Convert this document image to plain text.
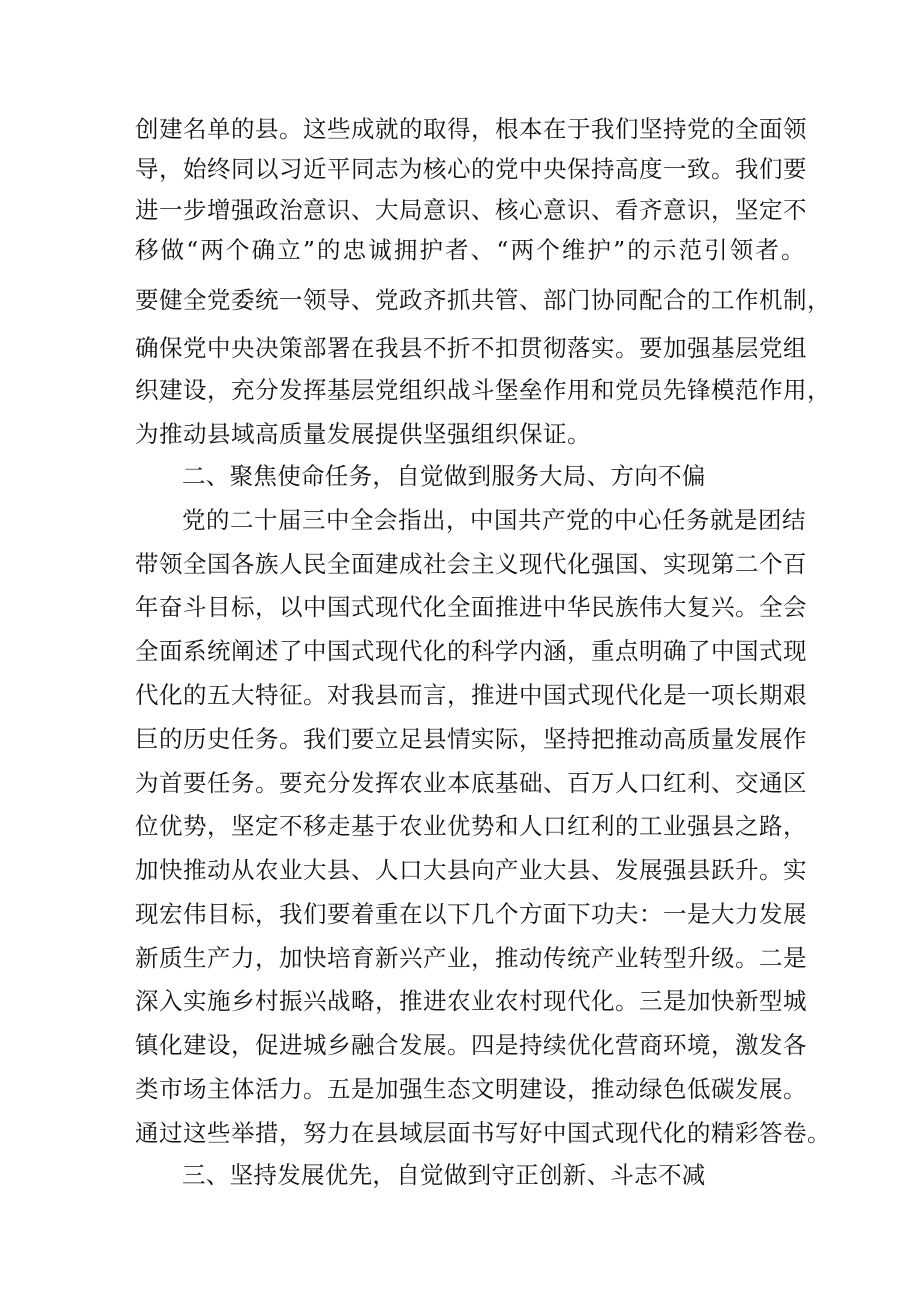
创建名单的县。这些成就的取得，根本在于我们坚持党的全面领
导，始终同以习近平同志为核心的党中央保持高度一致。我们要
进一步增强政治意识、大局意识、核心意识、看齐意识，坚定不
移做“两个确立”的忠诚拥护者、“两个维护”的示范引领者。
要健全党委统一领导、党政齐抓共管、部门协同配合的工作机制，
确保党中央决策部署在我县不折不扣贯彻落实。要加强基层党组
织建设，充分发挥基层党组织战斗堡垒作用和党员先锋模范作用，
为推动县域高质量发展提供坚强组织保证。
二、聚焦使命任务，自觉做到服务大局、方向不偏
党的二十届三中全会指出，中国共产党的中心任务就是团结
带领全国各族人民全面建成社会主义现代化强国、实现第二个百
年奋斗目标，以中国式现代化全面推进中华民族伟大复兴。全会
全面系统阐述了中国式现代化的科学内涵，重点明确了中国式现
代化的五大特征。对我县而言，推进中国式现代化是一项长期艰
巨的历史任务。我们要立足县情实际，坚持把推动高质量发展作
为首要任务。要充分发挥农业本底基础、百万人口红利、交通区
位优势，坚定不移走基于农业优势和人口红利的工业强县之路，
加快推动从农业大县、人口大县向产业大县、发展强县跃升。实
现宏伟目标，我们要着重在以下几个方面下功夫：一是大力发展
新质生产力，加快培育新兴产业，推动传统产业转型升级。二是
深入实施乡村振兴战略，推进农业农村现代化。三是加快新型城
镇化建设，促进城乡融合发展。四是持续优化营商环境，激发各
类市场主体活力。五是加强生态文明建设，推动绿色低碳发展。
通过这些举措，努力在县域层面书写好中国式现代化的精彩答卷。
三、坚持发展优先，自觉做到守正创新、斗志不减
